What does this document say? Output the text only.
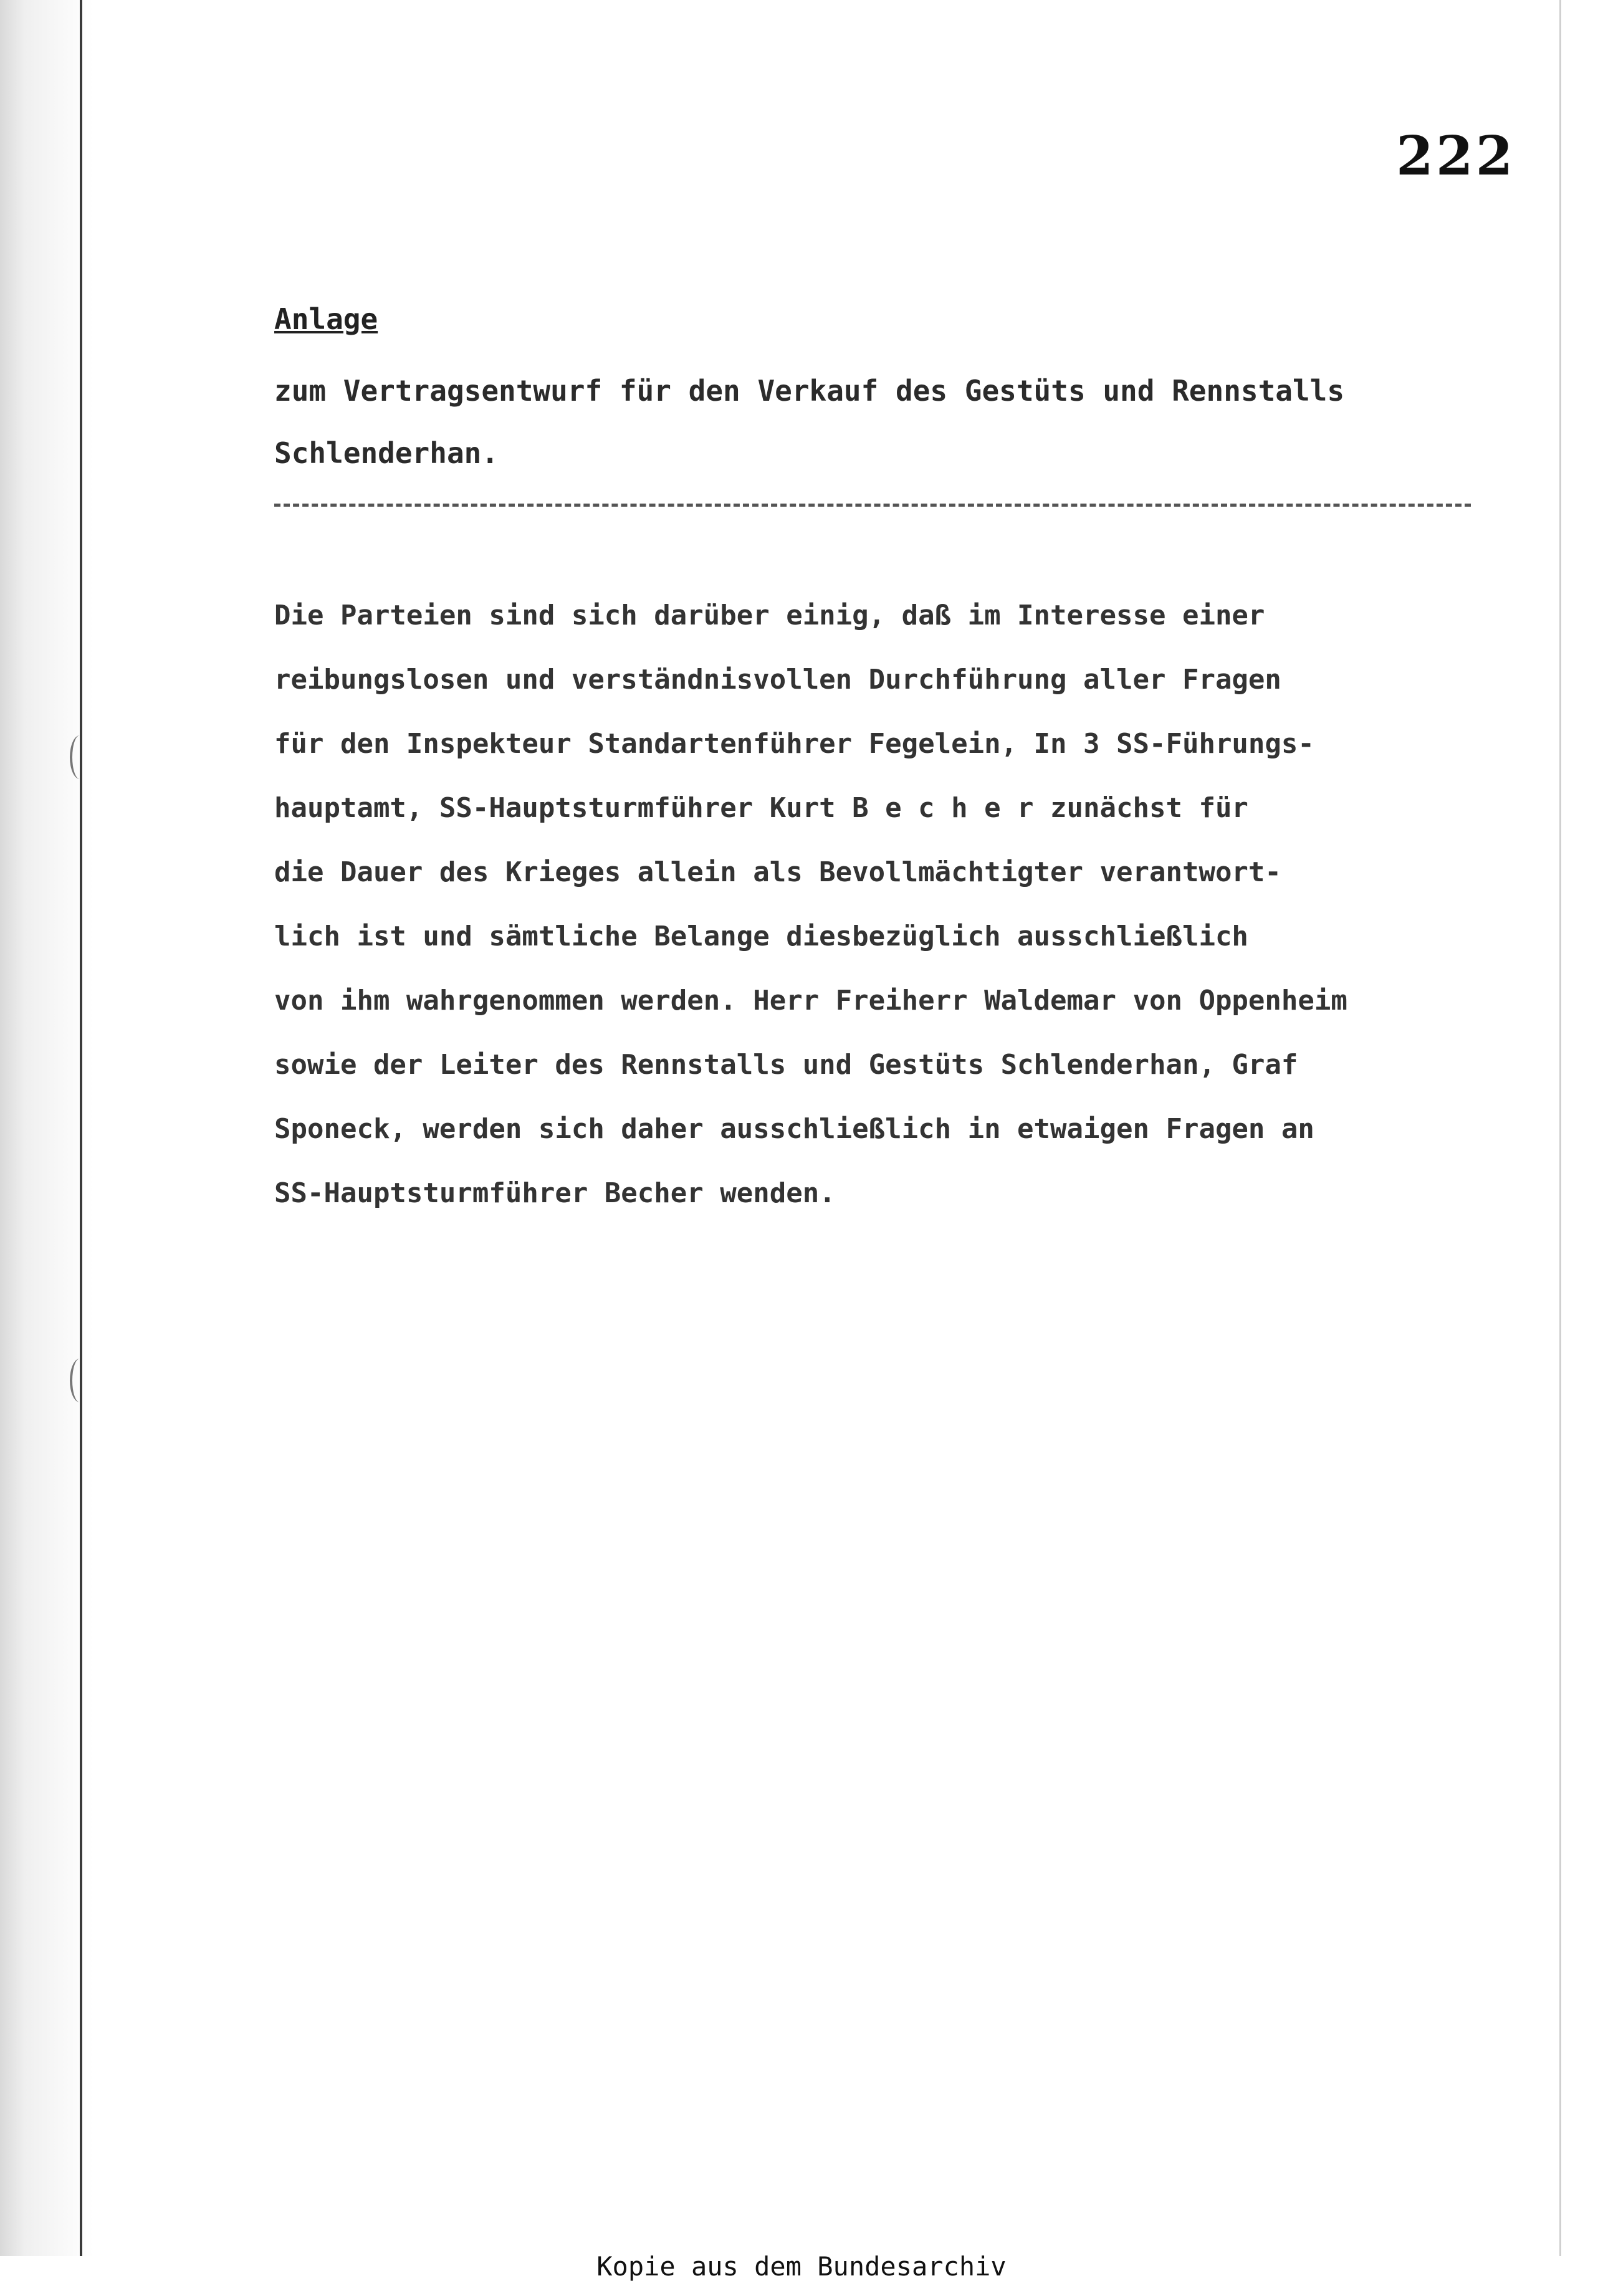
222
Anlage
zum Vertragsentwurf für den Verkauf des Gestüts und Rennstalls
Schlenderhan.
Die Parteien sind sich darüber einig, daß im Interesse einer
reibungslosen und verständnisvollen Durchführung aller Fragen
für den Inspekteur Standartenführer Fegelein, In 3 SS-Führungs-
hauptamt, SS-Hauptsturmführer Kurt B e c h e r zunächst für
die Dauer des Krieges allein als Bevollmächtigter verantwort-
lich ist und sämtliche Belange diesbezüglich ausschließlich
von ihm wahrgenommen werden. Herr Freiherr Waldemar von Oppenheim
sowie der Leiter des Rennstalls und Gestüts Schlenderhan, Graf
Sponeck, werden sich daher ausschließlich in etwaigen Fragen an
SS-Hauptsturmführer Becher wenden.
Kopie aus dem Bundesarchiv
